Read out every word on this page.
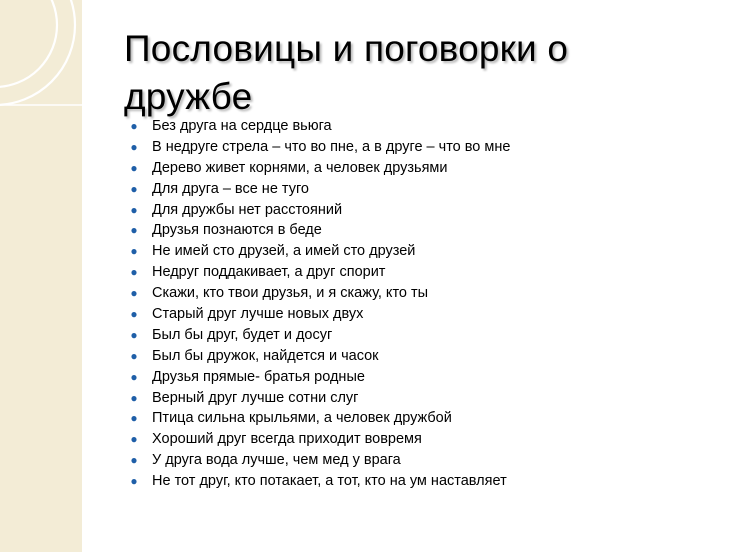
Пословицы и поговорки о дружбе
● Без друга на сердце вьюга
● В недруге стрела – что во пне, а в друге – что во мне
● Дерево живет корнями, а человек друзьями
● Для друга – все не туго
● Для дружбы нет расстояний
● Друзья познаются в беде
● Не имей сто друзей, а имей сто друзей
● Недруг поддакивает, а друг спорит
● Скажи, кто твои друзья, и я скажу, кто ты
● Старый друг лучше новых двух
● Был бы друг, будет и досуг
● Был бы дружок, найдется и часок
● Друзья прямые- братья родные
● Верный друг лучше сотни слуг
● Птица сильна крыльями, а человек дружбой
● Хороший друг всегда приходит вовремя
● У друга вода лучше, чем мед у врага
● Не тот друг, кто потакает, а тот, кто на ум наставляет
